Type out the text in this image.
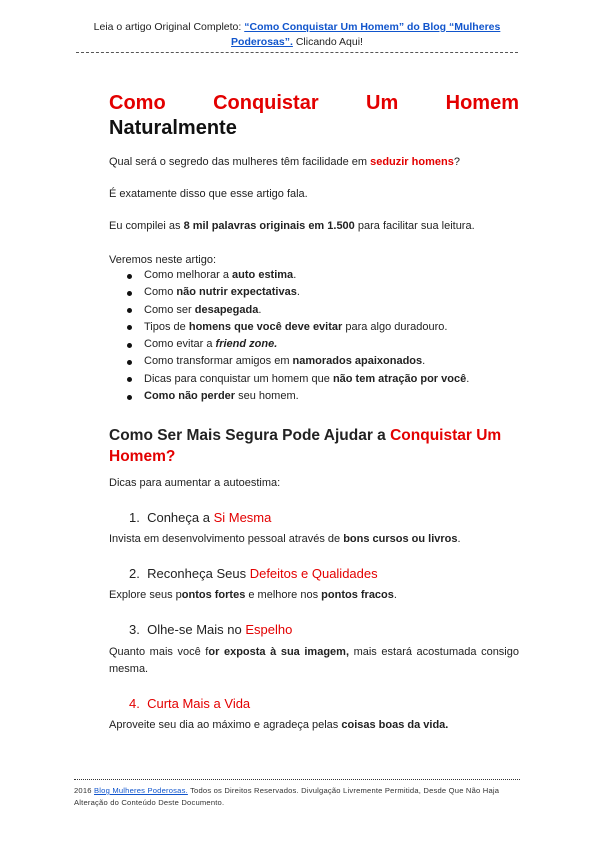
Leia o artigo Original Completo: “Como Conquistar Um Homem” do Blog “Mulheres Poderosas”. Clicando Aqui!
Como Conquistar Um Homem
Naturalmente

Qual será o segredo das mulheres têm facilidade em seduzir homens?

É exatamente disso que esse artigo fala.

Eu compilei as 8 mil palavras originais em 1.500 para facilitar sua leitura.

Veremos neste artigo:

Como melhorar a auto estima.
Como não nutrir expectativas.
Como ser desapegada.
Tipos de homens que você deve evitar para algo duradouro.
Como evitar a friend zone.
Como transformar amigos em namorados apaixonados.
Dicas para conquistar um homem que não tem atração por você.
Como não perder seu homem.
Como Ser Mais Segura Pode Ajudar a Conquistar Um Homem?

Dicas para aumentar a autoestima:

1. Conheça a Si Mesma

Invista em desenvolvimento pessoal através de bons cursos ou livros.

2. Reconheça Seus Defeitos e Qualidades

Explore seus pontos fortes e melhore nos pontos fracos.

3. Olhe-se Mais no Espelho

Quanto mais você for exposta à sua imagem, mais estará acostumada consigo mesma.

4. Curta Mais a Vida

Aproveite seu dia ao máximo e agradeça pelas coisas boas da vida.

2016 Blog Mulheres Poderosas. Todos os Direitos Reservados. Divulgação Livremente Permitida, Desde Que Não Haja Alteração do Conteúdo Deste Documento.
